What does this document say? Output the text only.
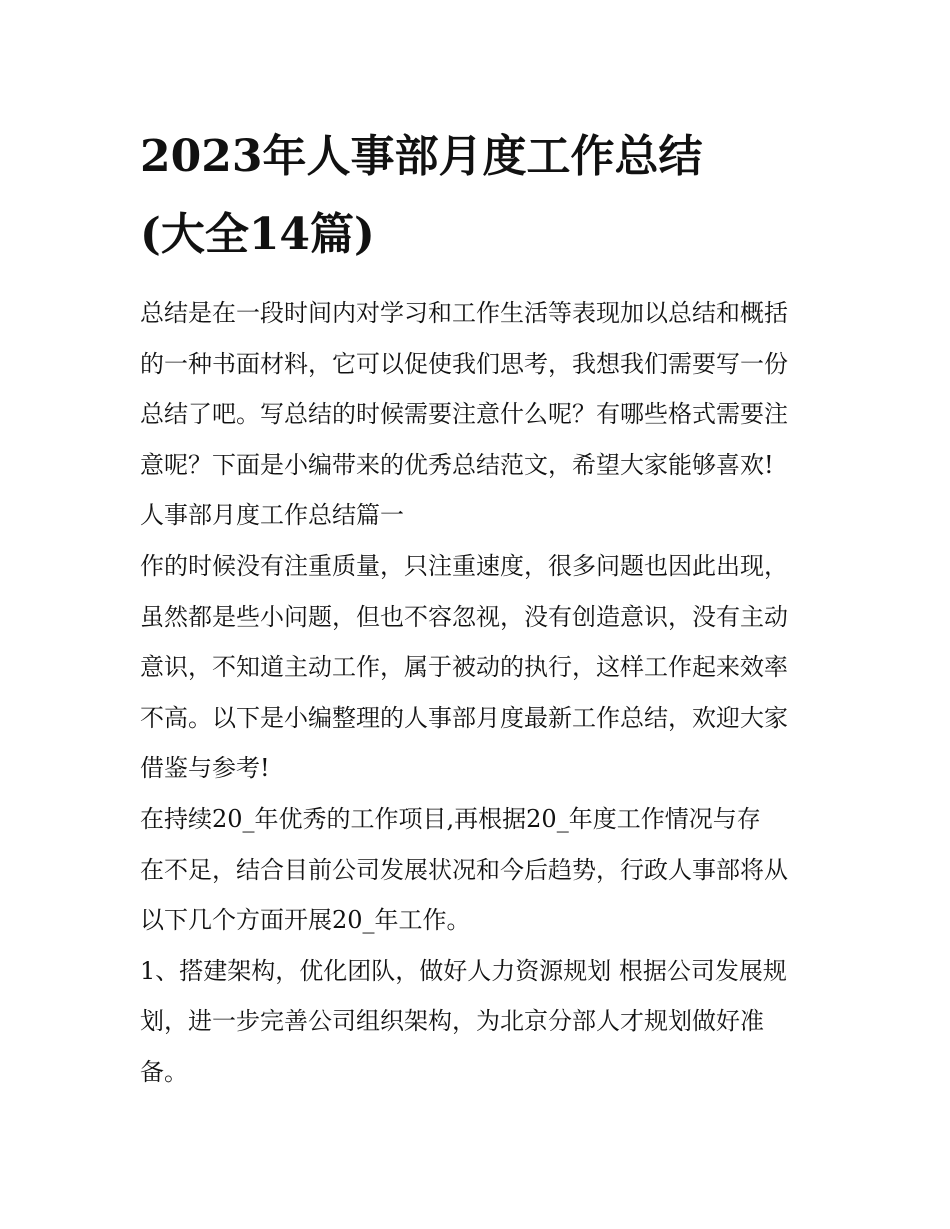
2023年人事部月度工作总结
(大全14篇)

总结是在一段时间内对学习和工作生活等表现加以总结和概括
的一种书面材料，它可以促使我们思考，我想我们需要写一份
总结了吧。写总结的时候需要注意什么呢？有哪些格式需要注
意呢？下面是小编带来的优秀总结范文，希望大家能够喜欢!

人事部月度工作总结篇一

作的时候没有注重质量，只注重速度，很多问题也因此出现，
虽然都是些小问题，但也不容忽视，没有创造意识，没有主动
意识，不知道主动工作，属于被动的执行，这样工作起来效率
不高。以下是小编整理的人事部月度最新工作总结，欢迎大家
借鉴与参考!

在持续20_年优秀的工作项目,再根据20_年度工作情况与存
在不足，结合目前公司发展状况和今后趋势，行政人事部将从
以下几个方面开展20_年工作。

1、搭建架构，优化团队，做好人力资源规划 根据公司发展规
划，进一步完善公司组织架构，为北京分部人才规划做好准
备。
